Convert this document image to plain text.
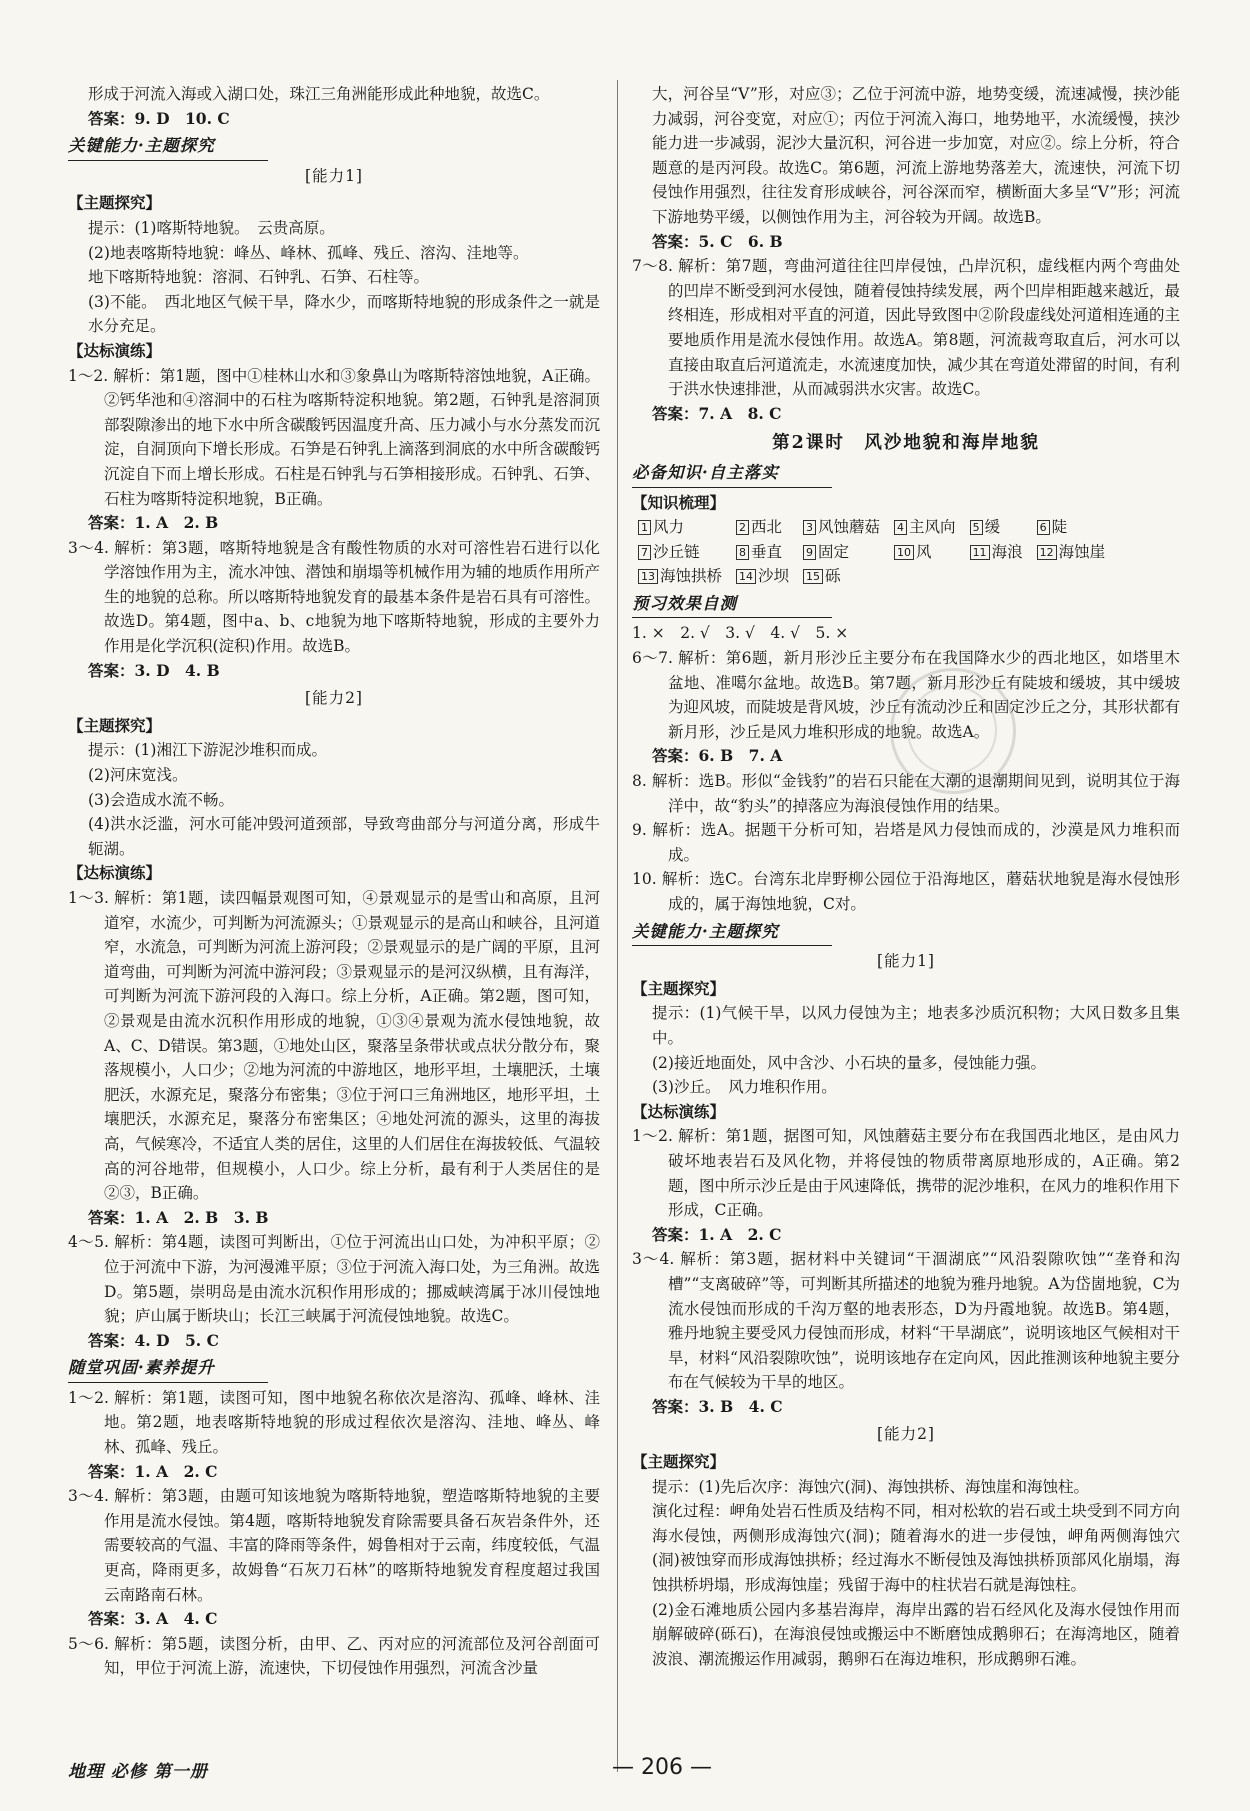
形成于河流入海或入湖口处，珠江三角洲能形成此种地貌，故选C。

答案：9. D　10. C

关键能力·主题探究
[能力1]
【主题探究】

提示：(1)喀斯特地貌。　云贵高原。

(2)地表喀斯特地貌：峰丛、峰林、孤峰、残丘、溶沟、洼地等。

地下喀斯特地貌：溶洞、石钟乳、石笋、石柱等。

(3)不能。　西北地区气候干旱，降水少，而喀斯特地貌的形成条件之一就是水分充足。

【达标演练】

1～2. 解析：第1题，图中①桂林山水和③象鼻山为喀斯特溶蚀地貌，A正确。②钙华池和④溶洞中的石柱为喀斯特淀积地貌。第2题，石钟乳是溶洞顶部裂隙渗出的地下水中所含碳酸钙因温度升高、压力减小与水分蒸发而沉淀，自洞顶向下增长形成。石笋是石钟乳上滴落到洞底的水中所含碳酸钙沉淀自下而上增长形成。石柱是石钟乳与石笋相接形成。石钟乳、石笋、石柱为喀斯特淀积地貌，B正确。

答案：1. A　2. B

3～4. 解析：第3题，喀斯特地貌是含有酸性物质的水对可溶性岩石进行以化学溶蚀作用为主，流水冲蚀、潜蚀和崩塌等机械作用为辅的地质作用所产生的地貌的总称。所以喀斯特地貌发育的最基本条件是岩石具有可溶性。故选D。第4题，图中a、b、c地貌为地下喀斯特地貌，形成的主要外力作用是化学沉积(淀积)作用。故选B。

答案：3. D　4. B

[能力2]
【主题探究】

提示：(1)湘江下游泥沙堆积而成。

(2)河床宽浅。

(3)会造成水流不畅。

(4)洪水泛滥，河水可能冲毁河道颈部，导致弯曲部分与河道分离，形成牛轭湖。

【达标演练】

1～3. 解析：第1题，读四幅景观图可知，④景观显示的是雪山和高原，且河道窄，水流少，可判断为河流源头；①景观显示的是高山和峡谷，且河道窄，水流急，可判断为河流上游河段；②景观显示的是广阔的平原，且河道弯曲，可判断为河流中游河段；③景观显示的是河汉纵横，且有海洋，可判断为河流下游河段的入海口。综上分析，A正确。第2题，图可知，②景观是由流水沉积作用形成的地貌，①③④景观为流水侵蚀地貌，故A、C、D错误。第3题，①地处山区，聚落呈条带状或点状分散分布，聚落规模小，人口少；②地为河流的中游地区，地形平坦，土壤肥沃，土壤肥沃，水源充足，聚落分布密集；③位于河口三角洲地区，地形平坦，土壤肥沃，水源充足，聚落分布密集区；④地处河流的源头，这里的海拔高，气候寒冷，不适宜人类的居住，这里的人们居住在海拔较低、气温较高的河谷地带，但规模小，人口少。综上分析，最有利于人类居住的是②③，B正确。

答案：1. A　2. B　3. B

4～5. 解析：第4题，读图可判断出，①位于河流出山口处，为冲积平原；②位于河流中下游，为河漫滩平原；③位于河流入海口处，为三角洲。故选D。第5题，崇明岛是由流水沉积作用形成的；挪威峡湾属于冰川侵蚀地貌；庐山属于断块山；长江三峡属于河流侵蚀地貌。故选C。

答案：4. D　5. C

随堂巩固·素养提升

1～2. 解析：第1题，读图可知，图中地貌名称依次是溶沟、孤峰、峰林、洼地。第2题，地表喀斯特地貌的形成过程依次是溶沟、洼地、峰丛、峰林、孤峰、残丘。

答案：1. A　2. C

3～4. 解析：第3题，由题可知该地貌为喀斯特地貌，塑造喀斯特地貌的主要作用是流水侵蚀。第4题，喀斯特地貌发育除需要具备石灰岩条件外，还需要较高的气温、丰富的降雨等条件，姆鲁相对于云南，纬度较低，气温更高，降雨更多，故姆鲁“石灰刀石林”的喀斯特地貌发育程度超过我国云南路南石林。

答案：3. A　4. C

5～6. 解析：第5题，读图分析，由甲、乙、丙对应的河流部位及河谷剖面可知，甲位于河流上游，流速快，下切侵蚀作用强烈，河流含沙量

大，河谷呈“V”形，对应③；乙位于河流中游，地势变缓，流速减慢，挟沙能力减弱，河谷变宽，对应①；丙位于河流入海口，地势地平，水流缓慢，挟沙能力进一步减弱，泥沙大量沉积，河谷进一步加宽，对应②。综上分析，符合题意的是丙河段。故选C。第6题，河流上游地势落差大，流速快，河流下切侵蚀作用强烈，往往发育形成峡谷，河谷深而窄，横断面大多呈“V”形；河流下游地势平缓，以侧蚀作用为主，河谷较为开阔。故选B。

答案：5. C　6. B

7～8. 解析：第7题，弯曲河道往往凹岸侵蚀，凸岸沉积，虚线框内两个弯曲处的凹岸不断受到河水侵蚀，随着侵蚀持续发展，两个凹岸相距越来越近，最终相连，形成相对平直的河道，因此导致图中②阶段虚线处河道相连通的主要地质作用是流水侵蚀作用。故选A。第8题，河流裁弯取直后，河水可以直接由取直后河道流走，水流速度加快，减少其在弯道处滞留的时间，有利于洪水快速排泄，从而减弱洪水灾害。故选C。

答案：7. A　8. C

第2课时　风沙地貌和海岸地貌
必备知识·自主落实
【知识梳理】
1 风力	2 西北	3 风蚀蘑菇 4 主风向 5 缓	6 陡
7 沙丘链	8 垂直	9 固定	10 风	11 海浪 12 海蚀崖
13 海蚀拱桥 14 沙坝 15 砾
预习效果自测

1. ×　2. √　3. √　4. √　5. ×

6～7. 解析：第6题，新月形沙丘主要分布在我国降水少的西北地区，如塔里木盆地、准噶尔盆地。故选B。第7题，新月形沙丘有陡坡和缓坡，其中缓坡为迎风坡，而陡坡是背风坡，沙丘有流动沙丘和固定沙丘之分，其形状都有新月形，沙丘是风力堆积形成的地貌。故选A。

答案：6. B　7. A

8. 解析：选B。形似“金钱豹”的岩石只能在大潮的退潮期间见到，说明其位于海洋中，故“豹头”的掉落应为海浪侵蚀作用的结果。

9. 解析：选A。据题干分析可知，岩塔是风力侵蚀而成的，沙漠是风力堆积而成。

10. 解析：选C。台湾东北岸野柳公园位于沿海地区，蘑菇状地貌是海水侵蚀形成的，属于海蚀地貌，C对。

关键能力·主题探究
[能力1]
【主题探究】

提示：(1)气候干旱，以风力侵蚀为主；地表多沙质沉积物；大风日数多且集中。

(2)接近地面处，风中含沙、小石块的量多，侵蚀能力强。

(3)沙丘。　风力堆积作用。

【达标演练】

1～2. 解析：第1题，据图可知，风蚀蘑菇主要分布在我国西北地区，是由风力破坏地表岩石及风化物，并将侵蚀的物质带离原地形成的，A正确。第2题，图中所示沙丘是由于风速降低，携带的泥沙堆积，在风力的堆积作用下形成，C正确。

答案：1. A　2. C

3～4. 解析：第3题，据材料中关键词“干涸湖底”“风沿裂隙吹蚀”“垄脊和沟槽”“支离破碎”等，可判断其所描述的地貌为雅丹地貌。A为岱崮地貌，C为流水侵蚀而形成的千沟万壑的地表形态，D为丹霞地貌。故选B。第4题，雅丹地貌主要受风力侵蚀而形成，材料“干旱湖底”，说明该地区气候相对干旱，材料“风沿裂隙吹蚀”，说明该地存在定向风，因此推测该种地貌主要分布在气候较为干旱的地区。

答案：3. B　4. C

[能力2]
【主题探究】

提示：(1)先后次序：海蚀穴(洞)、海蚀拱桥、海蚀崖和海蚀柱。

演化过程：岬角处岩石性质及结构不同，相对松软的岩石或土块受到不同方向海水侵蚀，两侧形成海蚀穴(洞)；随着海水的进一步侵蚀，岬角两侧海蚀穴(洞)被蚀穿而形成海蚀拱桥；经过海水不断侵蚀及海蚀拱桥顶部风化崩塌，海蚀拱桥坍塌，形成海蚀崖；残留于海中的柱状岩石就是海蚀柱。

(2)金石滩地质公园内多基岩海岸，海岸出露的岩石经风化及海水侵蚀作用而崩解破碎(砾石)，在海浪侵蚀或搬运中不断磨蚀成鹅卵石；在海湾地区，随着波浪、潮流搬运作用减弱，鹅卵石在海边堆积，形成鹅卵石滩。

地理 必修 第一册	— 206 —
